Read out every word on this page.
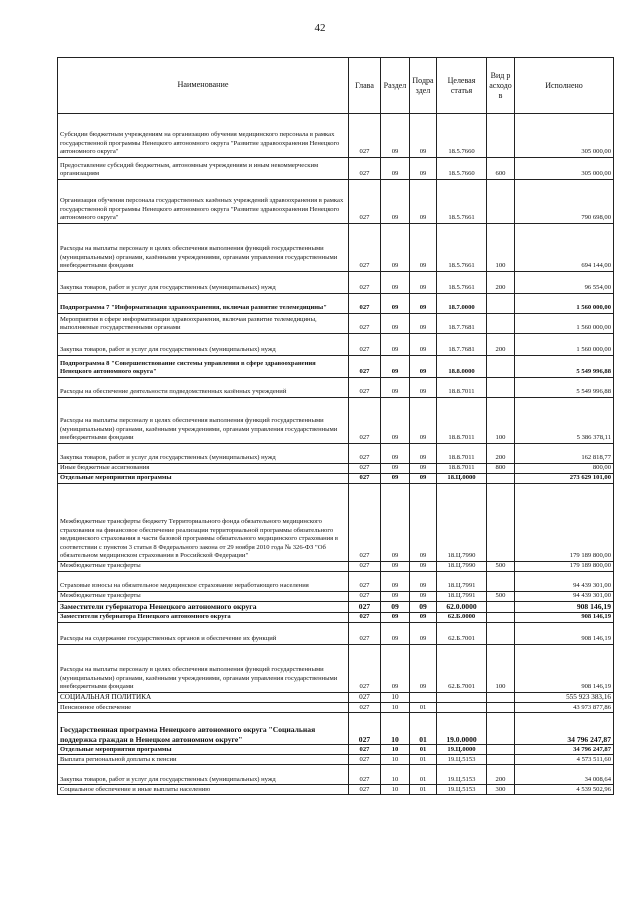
42
Наименование	Глава	Раздел	Подраздел	Целевая статья	Вид расходов	Исполнено
Субсидии бюджетным учреждениям на организацию обучения медицинского персонала в рамках государственной программы Ненецкого автономного округа "Развитие здравоохранения Ненецкого автономного округа"	027	09	09	18.5.7660		305 000,00
Предоставление субсидий бюджетным, автономным учреждениям и иным некоммерческим организациям	027	09	09	18.5.7660	600	305 000,00
Организация обучения персонала государственных казённых учреждений здравоохранения в рамках государственной программы Ненецкого автономного округа "Развитие здравоохранения Ненецкого автономного округа"	027	09	09	18.5.7661		790 698,00
Расходы на выплаты персоналу в целях обеспечения выполнения функций государственными (муниципальными) органами, казёнными учреждениями, органами управления государственными внебюджетными фондами	027	09	09	18.5.7661	100	694 144,00
Закупка товаров, работ и услуг для государственных (муниципальных) нужд	027	09	09	18.5.7661	200	96 554,00
Подпрограмма 7 "Информатизация здравоохранения, включая развитие телемедицины"	027	09	09	18.7.0000		1 560 000,00
Мероприятия в сфере информатизации здравоохранения, включая развитие телемедицины, выполняемые государственными органами	027	09	09	18.7.7681		1 560 000,00
Закупка товаров, работ и услуг для государственных (муниципальных) нужд	027	09	09	18.7.7681	200	1 560 000,00
Подпрограмма 8 "Совершенствование системы управления в сфере здравоохранения Ненецкого автономного округа"	027	09	09	18.8.0000		5 549 996,88
Расходы на обеспечение деятельности подведомственных казённых учреждений	027	09	09	18.8.7011		5 549 996,88
Расходы на выплаты персоналу в целях обеспечения выполнения функций государственными (муниципальными) органами, казёнными учреждениями, органами управления государственными внебюджетными фондами	027	09	09	18.8.7011	100	5 386 378,11
Закупка товаров, работ и услуг для государственных (муниципальных) нужд	027	09	09	18.8.7011	200	162 818,77
Иные бюджетные ассигнования	027	09	09	18.8.7011	800	800,00
Отдельные мероприятия программы	027	09	09	18.Ц.0000		273 629 101,00
Межбюджетные трансферты бюджету Территориального фонда обязательного медицинского страхования на финансовое обеспечение реализации территориальной программы обязательного медицинского страхования в части базовой программы обязательного медицинского страхования в соответствии с пунктом 3 статьи 8 Федерального закона от 29 ноября 2010 года № 326-ФЗ "Об обязательном медицинском страховании в Российской Федерации"	027	09	09	18.Ц.7990		179 189 800,00
Межбюджетные трансферты	027	09	09	18.Ц.7990	500	179 189 800,00
Страховые взносы на обязательное медицинское страхование неработающего населения	027	09	09	18.Ц.7991		94 439 301,00
Межбюджетные трансферты	027	09	09	18.Ц.7991	500	94 439 301,00
Заместители губернатора Ненецкого автономного округа	027	09	09	62.0.0000		908 146,19
Заместители губернатора Ненецкого автономного округа	027	09	09	62.Б.0000		908 146,19
Расходы на содержание государственных органов и обеспечение их функций	027	09	09	62.Б.7001		908 146,19
Расходы на выплаты персоналу в целях обеспечения выполнения функций государственными (муниципальными) органами, казёнными учреждениями, органами управления государственными внебюджетными фондами	027	09	09	62.Б.7001	100	908 146,19
СОЦИАЛЬНАЯ ПОЛИТИКА	027	10				555 923 383,16
Пенсионное обеспечение	027	10	01			43 973 877,86
Государственная программа Ненецкого автономного округа "Социальная поддержка граждан в Ненецком автономном округе"	027	10	01	19.0.0000		34 796 247,87
Отдельные мероприятия программы	027	10	01	19.Ц.0000		34 796 247,87
Выплата региональной доплаты к пенсии	027	10	01	19.Ц.5153		4 573 511,60
Закупка товаров, работ и услуг для государственных (муниципальных) нужд	027	10	01	19.Ц.5153	200	34 008,64
Социальное обеспечение и иные выплаты населению	027	10	01	19.Ц.5153	300	4 539 502,96
